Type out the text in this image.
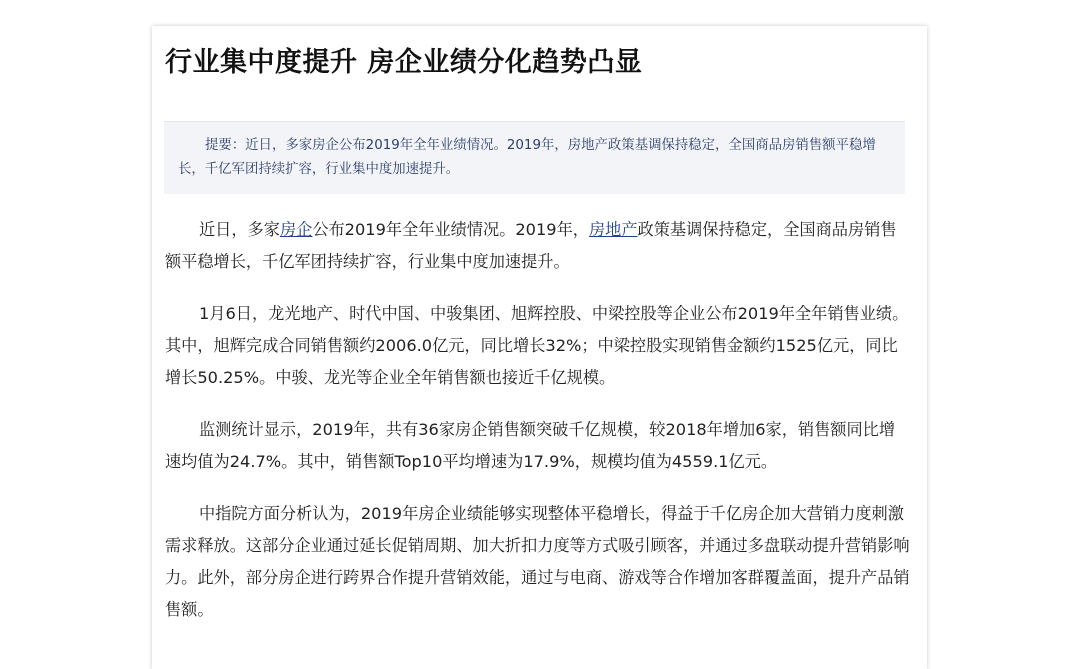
行业集中度提升 房企业绩分化趋势凸显
提要：近日，多家房企公布2019年全年业绩情况。2019年，房地产政策基调保持稳定，全国商品房销售额平稳增长，千亿军团持续扩容，行业集中度加速提升。

近日，多家房企公布2019年全年业绩情况。2019年，房地产政策基调保持稳定，全国商品房销售额平稳增长，千亿军团持续扩容，行业集中度加速提升。

1月6日，龙光地产、时代中国、中骏集团、旭辉控股、中梁控股等企业公布2019年全年销售业绩。其中，旭辉完成合同销售额约2006.0亿元，同比增长32%；中梁控股实现销售金额约1525亿元，同比增长50.25%。中骏、龙光等企业全年销售额也接近千亿规模。

监测统计显示，2019年，共有36家房企销售额突破千亿规模，较2018年增加6家，销售额同比增速均值为24.7%。其中，销售额Top10平均增速为17.9%，规模均值为4559.1亿元。

中指院方面分析认为，2019年房企业绩能够实现整体平稳增长，得益于千亿房企加大营销力度刺激需求释放。这部分企业通过延长促销周期、加大折扣力度等方式吸引顾客，并通过多盘联动提升营销影响力。此外，部分房企进行跨界合作提升营销效能，通过与电商、游戏等合作增加客群覆盖面，提升产品销售额。
